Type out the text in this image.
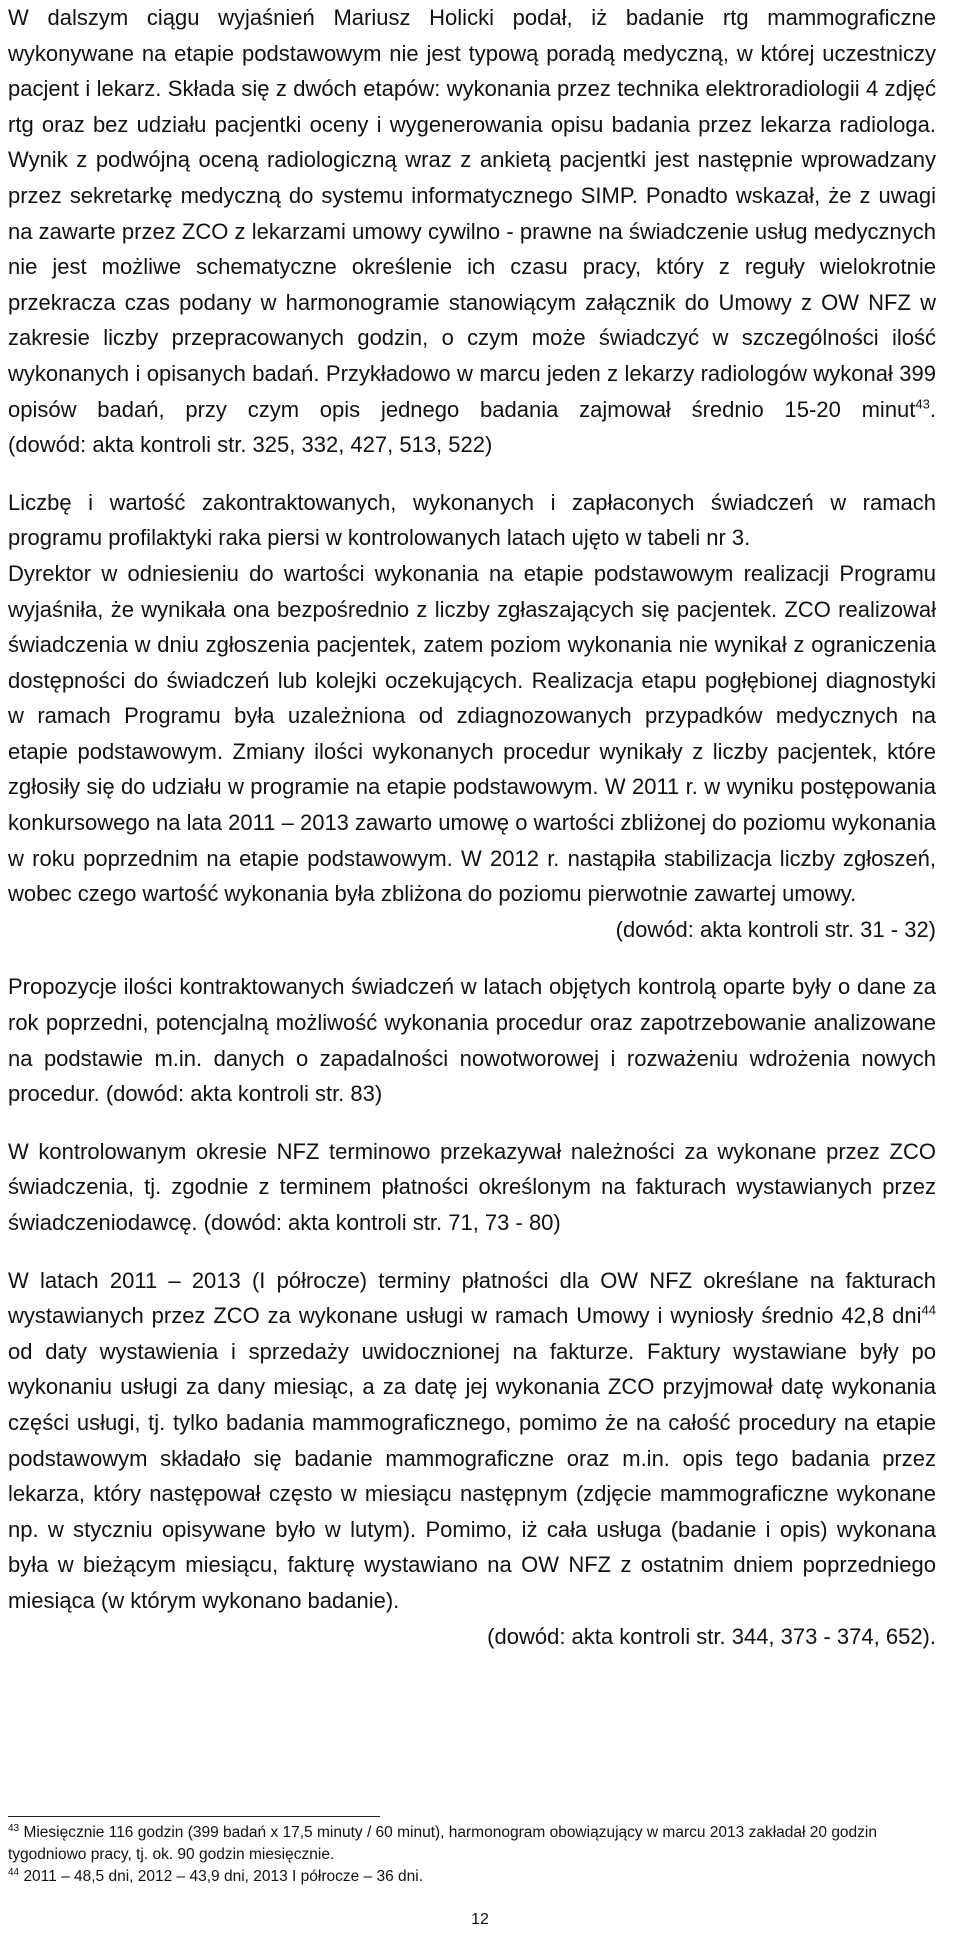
W dalszym ciągu wyjaśnień Mariusz Holicki podał, iż badanie rtg mammograficzne wykonywane na etapie podstawowym nie jest typową poradą medyczną, w której uczestniczy pacjent i lekarz. Składa się z dwóch etapów: wykonania przez technika elektroradiologii 4 zdjęć rtg oraz bez udziału pacjentki oceny i wygenerowania opisu badania przez lekarza radiologa. Wynik z podwójną oceną radiologiczną wraz z ankietą pacjentki jest następnie wprowadzany przez sekretarkę medyczną do systemu informatycznego SIMP. Ponadto wskazał, że z uwagi na zawarte przez ZCO z lekarzami umowy cywilno - prawne na świadczenie usług medycznych nie jest możliwe schematyczne określenie ich czasu pracy, który z reguły wielokrotnie przekracza czas podany w harmonogramie stanowiącym załącznik do Umowy z OW NFZ w zakresie liczby przepracowanych godzin, o czym może świadczyć w szczególności ilość wykonanych i opisanych badań. Przykładowo w marcu jeden z lekarzy radiologów wykonał 399 opisów badań, przy czym opis jednego badania zajmował średnio 15-20 minut$^{43}$. (dowód: akta kontroli str. 325, 332, 427, 513, 522)

Liczbę i wartość zakontraktowanych, wykonanych i zapłaconych świadczeń w ramach programu profilaktyki raka piersi w kontrolowanych latach ujęto w tabeli nr 3.

Dyrektor w odniesieniu do wartości wykonania na etapie podstawowym realizacji Programu wyjaśniła, że wynikała ona bezpośrednio z liczby zgłaszających się pacjentek. ZCO realizował świadczenia w dniu zgłoszenia pacjentek, zatem poziom wykonania nie wynikał z ograniczenia dostępności do świadczeń lub kolejki oczekujących. Realizacja etapu pogłębionej diagnostyki w ramach Programu była uzależniona od zdiagnozowanych przypadków medycznych na etapie podstawowym. Zmiany ilości wykonanych procedur wynikały z liczby pacjentek, które zgłosiły się do udziału w programie na etapie podstawowym. W 2011 r. w wyniku postępowania konkursowego na lata 2011 – 2013 zawarto umowę o wartości zbliżonej do poziomu wykonania w roku poprzednim na etapie podstawowym. W 2012 r. nastąpiła stabilizacja liczby zgłoszeń, wobec czego wartość wykonania była zbliżona do poziomu pierwotnie zawartej umowy.

(dowód: akta kontroli str. 31 - 32)

Propozycje ilości kontraktowanych świadczeń w latach objętych kontrolą oparte były o dane za rok poprzedni, potencjalną możliwość wykonania procedur oraz zapotrzebowanie analizowane na podstawie m.in. danych o zapadalności nowotworowej i rozważeniu wdrożenia nowych procedur. (dowód: akta kontroli str. 83)

W kontrolowanym okresie NFZ terminowo przekazywał należności za wykonane przez ZCO świadczenia, tj. zgodnie z terminem płatności określonym na fakturach wystawianych przez świadczeniodawcę. (dowód: akta kontroli str. 71, 73 - 80)

W latach 2011 – 2013 (I półrocze) terminy płatności dla OW NFZ określane na fakturach wystawianych przez ZCO za wykonane usługi w ramach Umowy i wyniosły średnio 42,8 dni$^{44}$ od daty wystawienia i sprzedaży uwidocznionej na fakturze. Faktury wystawiane były po wykonaniu usługi za dany miesiąc, a za datę jej wykonania ZCO przyjmował datę wykonania części usługi, tj. tylko badania mammograficznego, pomimo że na całość procedury na etapie podstawowym składało się badanie mammograficzne oraz m.in. opis tego badania przez lekarza, który następował często w miesiącu następnym (zdjęcie mammograficzne wykonane np. w styczniu opisywane było w lutym). Pomimo, iż cała usługa (badanie i opis) wykonana była w bieżącym miesiącu, fakturę wystawiano na OW NFZ z ostatnim dniem poprzedniego miesiąca (w którym wykonano badanie).

(dowód: akta kontroli str. 344, 373 - 374, 652).

$^{43}$ Miesięcznie 116 godzin (399 badań x 17,5 minuty / 60 minut), harmonogram obowiązujący w marcu 2013 zakładał 20 godzin tygodniowo pracy, tj. ok. 90 godzin miesięcznie.

$^{44}$ 2011 – 48,5 dni, 2012 – 43,9 dni, 2013 I półrocze – 36 dni.

12
